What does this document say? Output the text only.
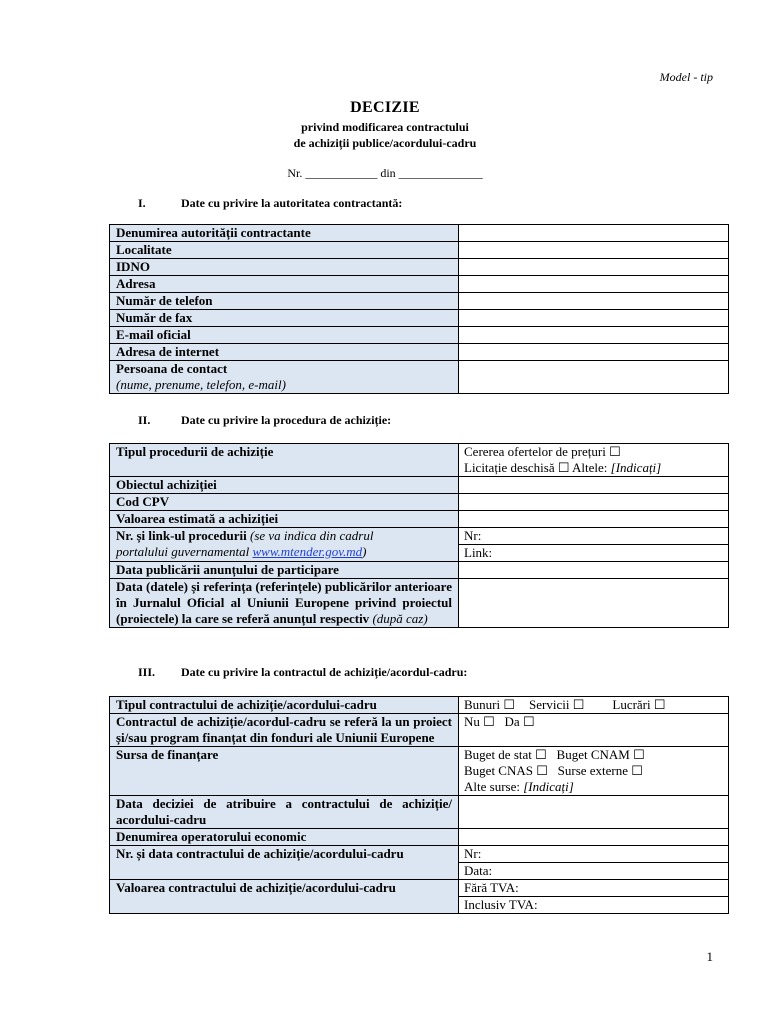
Model - tip
DECIZIE
privind modificarea contractului
de achiziții publice/acordului-cadru
Nr. ____________ din ______________
I.	Date cu privire la autoritatea contractantă:
Denumirea autorității contractante	
Localitate	
IDNO	
Adresa	
Număr de telefon	
Număr de fax	
E-mail oficial	
Adresa de internet	
Persoana de contact
(nume, prenume, telefon, e-mail)	
II.	Date cu privire la procedura de achiziție:
Tipul procedurii de achiziție	Cererea ofertelor de prețuri ☐
Licitație deschisă ☐ Altele: [Indicați]

Obiectul achiziției	
Cod CPV	
Valoarea estimată a achiziției	

Nr. și link-ul procedurii (se va indica din cadrul
portalului guvernamental www.mtender.gov.md)	Nr:
	Link:
Data publicării anunțului de participare	
Data (datele) și referința (referințele) publicărilor anterioare în Jurnalul Oficial al Uniunii Europene privind proiectul (proiectele) la care se referă anunțul respectiv (după caz)	
III. Date cu privire la contractul de achiziție/acordul-cadru:
Tipul contractului de achiziție/acordului-cadru	Bunuri ☐ Servicii ☐ Lucrări ☐
Contractul de achiziție/acordul-cadru se referă la un proiect și/sau program finanțat din fonduri ale Uniunii Europene	Nu ☐ Da ☐
Sursa de finanțare	Buget de stat ☐ Buget CNAM ☐
Buget CNAS ☐ Surse externe ☐
Alte surse: [Indicați]

Data deciziei de atribuire a contractului de achiziție/ acordului-cadru	
Denumirea operatorului economic	
Nr. și data contractului de achiziție/acordului-cadru	Nr:
	Data:
Valoarea contractului de achiziție/acordului-cadru	Fără TVA:
	Inclusiv TVA:
1
